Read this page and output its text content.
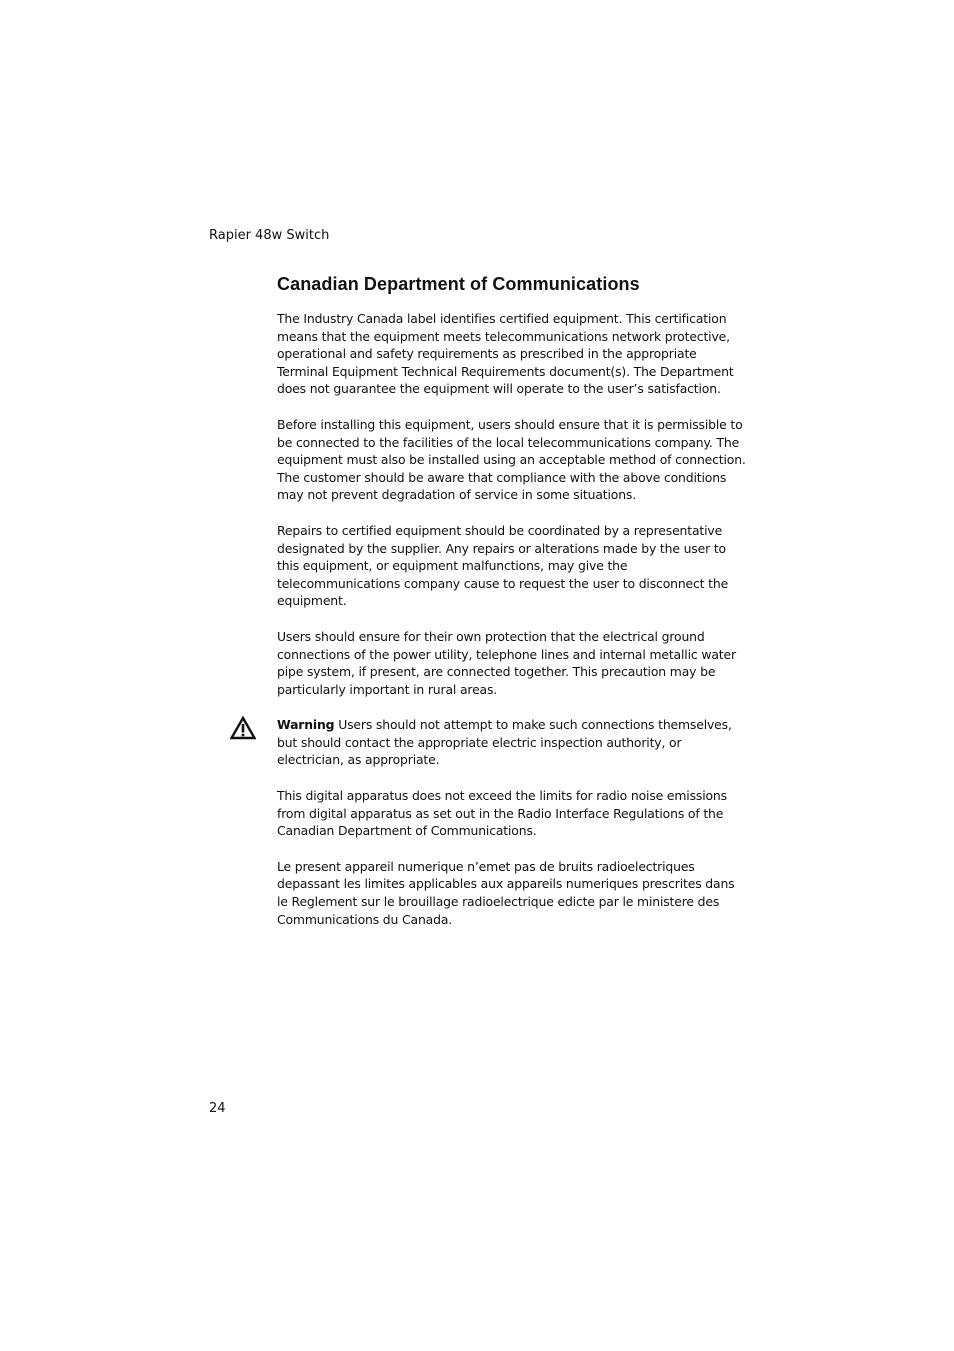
Rapier 48w Switch

Canadian Department of Communications

The Industry Canada label identifies certified equipment. This certification means that the equipment meets telecommunications network protective, operational and safety requirements as prescribed in the appropriate Terminal Equipment Technical Requirements document(s). The Department does not guarantee the equipment will operate to the user’s satisfaction.

Before installing this equipment, users should ensure that it is permissible to be connected to the facilities of the local telecommunications company. The equipment must also be installed using an acceptable method of connection. The customer should be aware that compliance with the above conditions may not prevent degradation of service in some situations.

Repairs to certified equipment should be coordinated by a representative designated by the supplier. Any repairs or alterations made by the user to this equipment, or equipment malfunctions, may give the telecommunications company cause to request the user to disconnect the equipment.

Users should ensure for their own protection that the electrical ground connections of the power utility, telephone lines and internal metallic water pipe system, if present, are connected together. This precaution may be particularly important in rural areas.

Warning Users should not attempt to make such connections themselves, but should contact the appropriate electric inspection authority, or electrician, as appropriate.

This digital apparatus does not exceed the limits for radio noise emissions from digital apparatus as set out in the Radio Interface Regulations of the Canadian Department of Communications.

Le present appareil numerique n’emet pas de bruits radioelectriques depassant les limites applicables aux appareils numeriques prescrites dans le Reglement sur le brouillage radioelectrique edicte par le ministere des Communications du Canada.

24
